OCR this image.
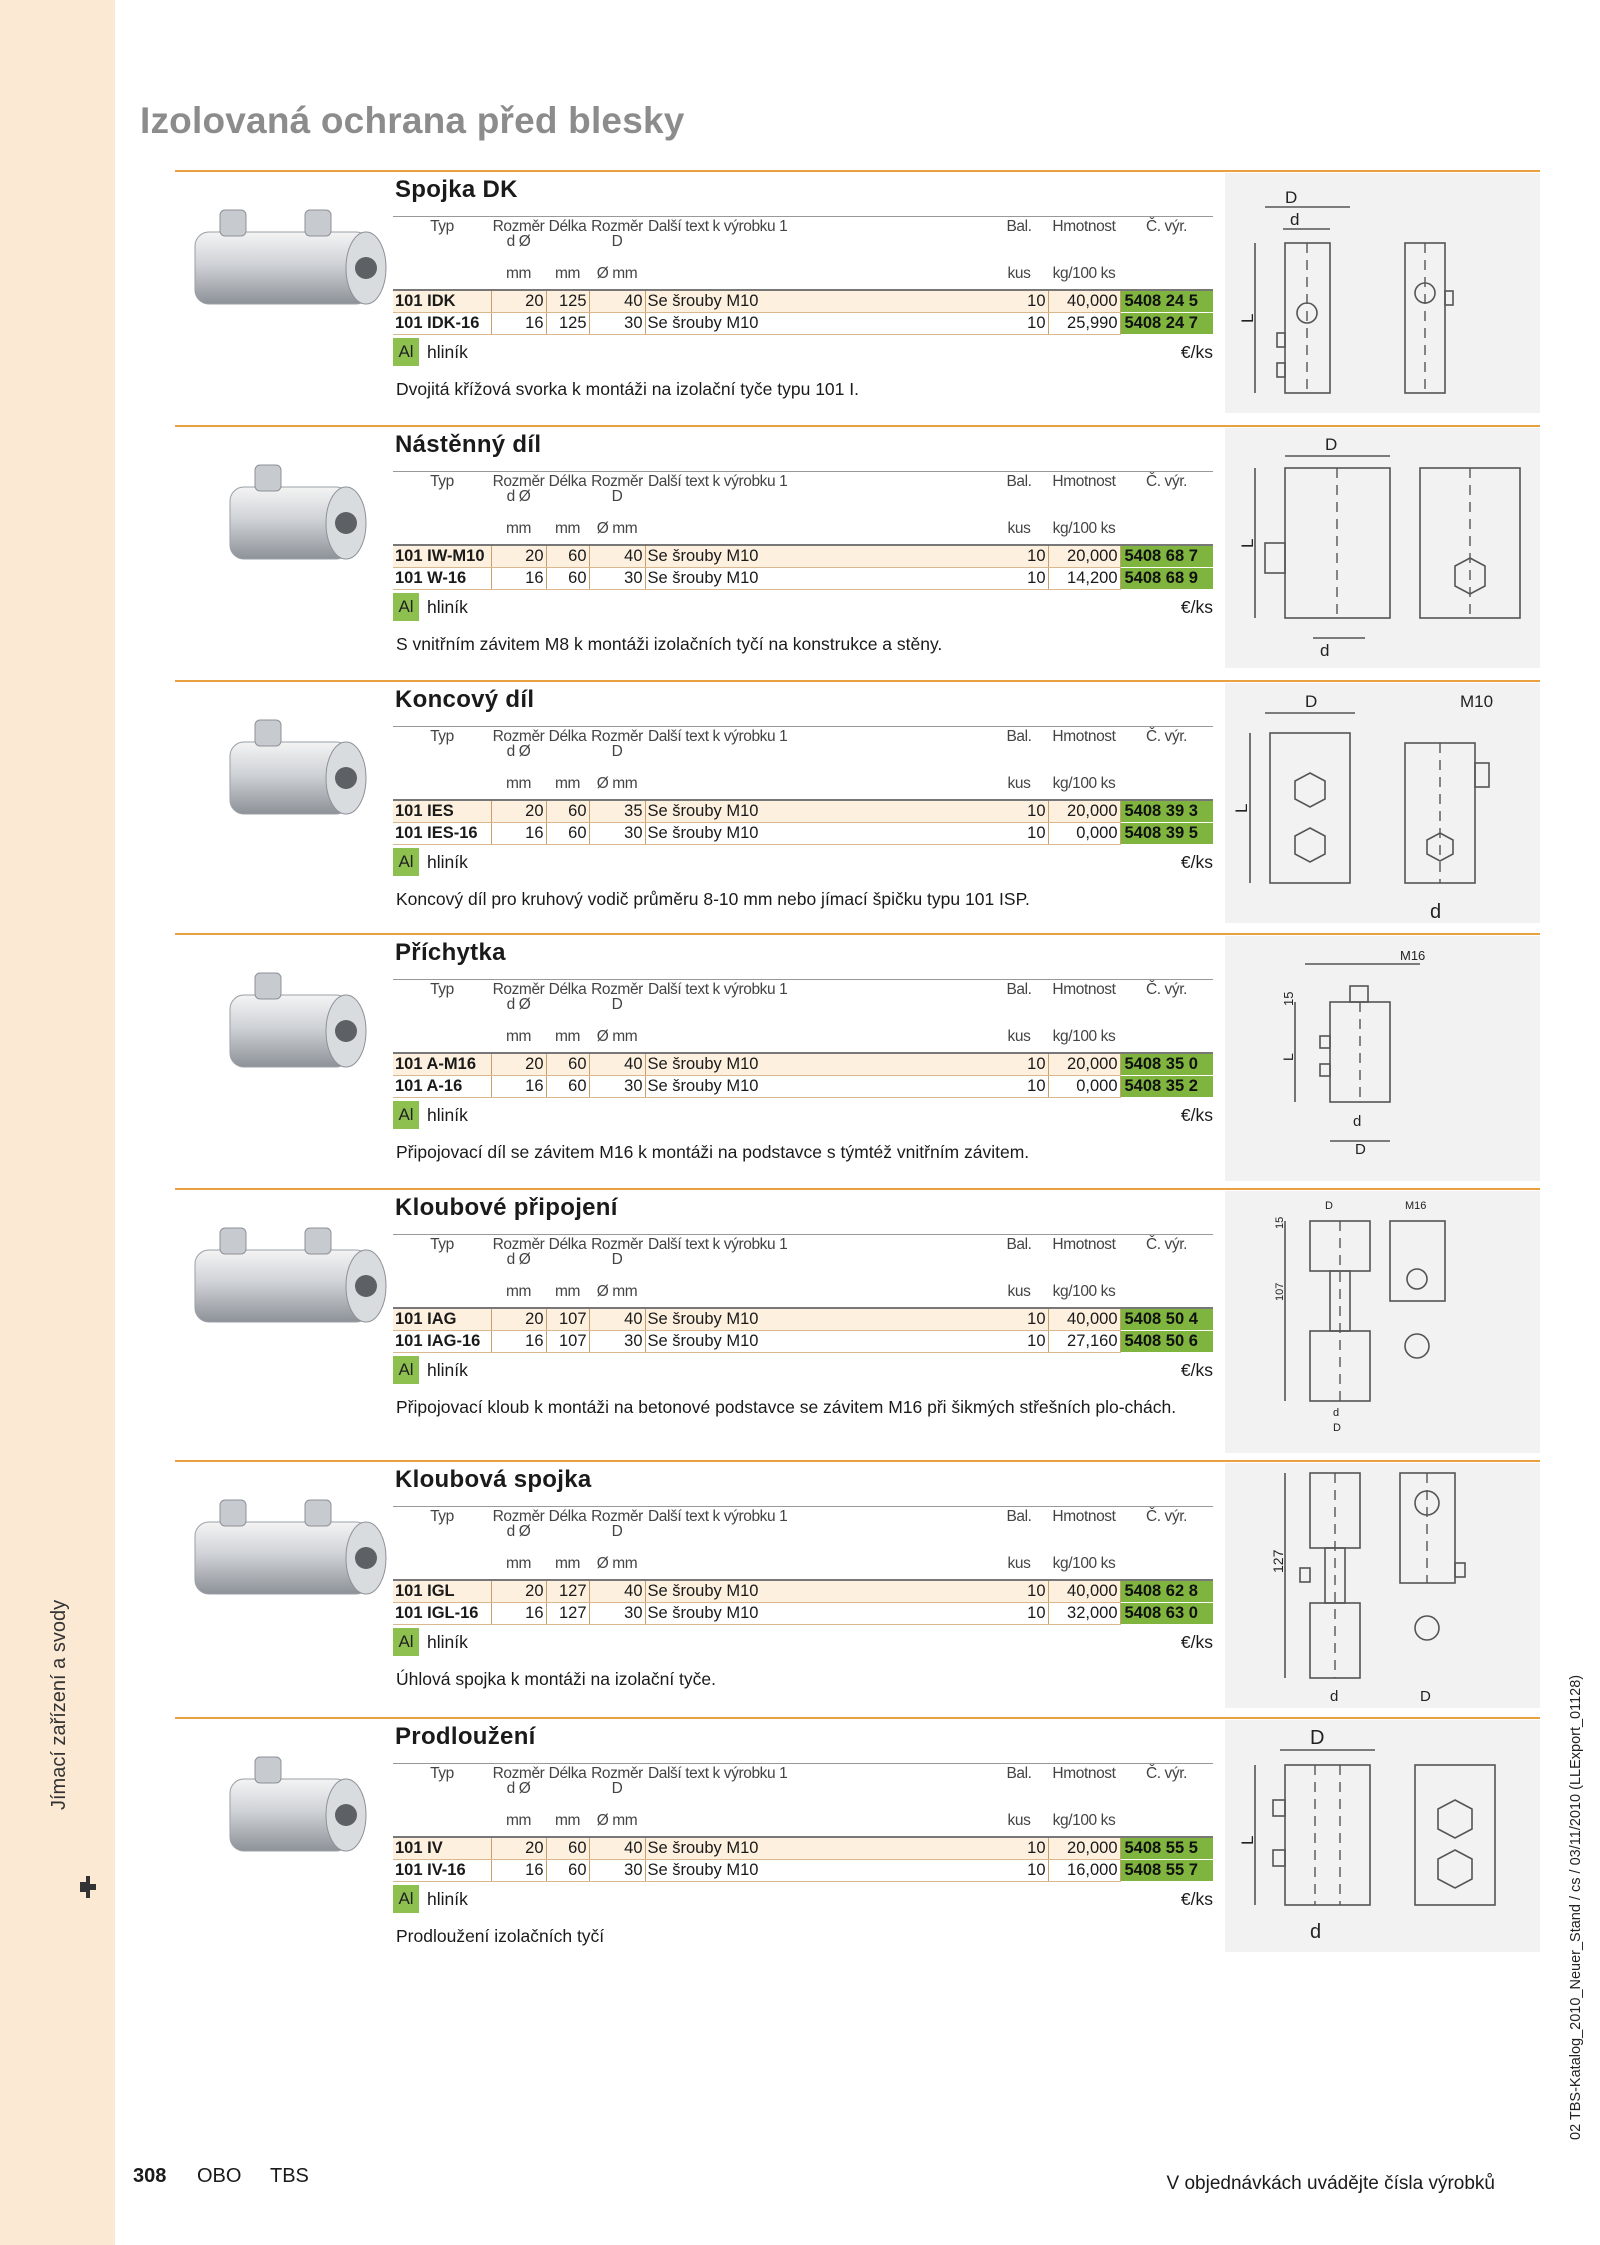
Jímací zařízení a svody	02 TBS-Katalog_2010_Neuer_Stand / cs / 03/11/2010 (LLExport_01128)
Izolovaná ochrana před blesky
Spojka DK
Typ	Rozměr d Ø	Délka	Rozměr D	Další text k výrobku 1	Bal.	Hmotnost	Č. výr.
	mm	mm	Ø mm		kus	kg/100 ks	
101 IDK	20	125	40	Se šrouby M10	10	40,000	5408 24 5
101 IDK-16	16	125	30	Se šrouby M10	10	25,990	5408 24 7
Al hliník	€/ks
Dvojitá křížová svorka k montáži na izolační tyče typu 101 I.
D
d
L
Nástěnný díl
Typ	Rozměr d Ø	Délka	Rozměr D	Další text k výrobku 1	Bal.	Hmotnost	Č. výr.
	mm	mm	Ø mm		kus	kg/100 ks	
101 IW-M10	20	60	40	Se šrouby M10	10	20,000	5408 68 7
101 W-16	16	60	30	Se šrouby M10	10	14,200	5408 68 9
Al hliník	€/ks
S vnitřním závitem M8 k montáži izolačních tyčí na konstrukce a stěny.
D
L
d
Koncový díl
Typ	Rozměr d Ø	Délka	Rozměr D	Další text k výrobku 1	Bal.	Hmotnost	Č. výr.
	mm	mm	Ø mm		kus	kg/100 ks	
101 IES	20	60	35	Se šrouby M10	10	20,000	5408 39 3
101 IES-16	16	60	30	Se šrouby M10	10	0,000	5408 39 5
Al hliník	€/ks
Koncový díl pro kruhový vodič průměru 8-10 mm nebo jímací špičku typu 101 ISP.
D	M10
L
d
Příchytka
Typ	Rozměr d Ø	Délka	Rozměr D	Další text k výrobku 1	Bal.	Hmotnost	Č. výr.
	mm	mm	Ø mm		kus	kg/100 ks	
101 A-M16	20	60	40	Se šrouby M10	10	20,000	5408 35 0
101 A-16	16	60	30	Se šrouby M10	10	0,000	5408 35 2
Al hliník	€/ks
Připojovací díl se závitem M16 k montáži na podstavce s týmtéž vnitřním závitem.
M16
L
15
d
D
Kloubové připojení
Typ	Rozměr d Ø	Délka	Rozměr D	Další text k výrobku 1	Bal.	Hmotnost	Č. výr.
	mm	mm	Ø mm		kus	kg/100 ks	
101 IAG	20	107	40	Se šrouby M10	10	40,000	5408 50 4
101 IAG-16	16	107	30	Se šrouby M10	10	27,160	5408 50 6
Al hliník	€/ks
Připojovací kloub k montáži na betonové podstavce se závitem M16 při šikmých střešních plo-chách.
D	M16
107
15
d
D
Kloubová spojka
Typ	Rozměr d Ø	Délka	Rozměr D	Další text k výrobku 1	Bal.	Hmotnost	Č. výr.
	mm	mm	Ø mm		kus	kg/100 ks	
101 IGL	20	127	40	Se šrouby M10	10	40,000	5408 62 8
101 IGL-16	16	127	30	Se šrouby M10	10	32,000	5408 63 0
Al hliník	€/ks
Úhlová spojka k montáži na izolační tyče.
127
d	D
Prodloužení
Typ	Rozměr d Ø	Délka	Rozměr D	Další text k výrobku 1	Bal.	Hmotnost	Č. výr.
	mm	mm	Ø mm		kus	kg/100 ks	
101 IV	20	60	40	Se šrouby M10	10	20,000	5408 55 5
101 IV-16	16	60	30	Se šrouby M10	10	16,000	5408 55 7
Al hliník	€/ks
Prodloužení izolačních tyčí
D
L
d
308 OBO TBS	V objednávkách uvádějte čísla výrobků
